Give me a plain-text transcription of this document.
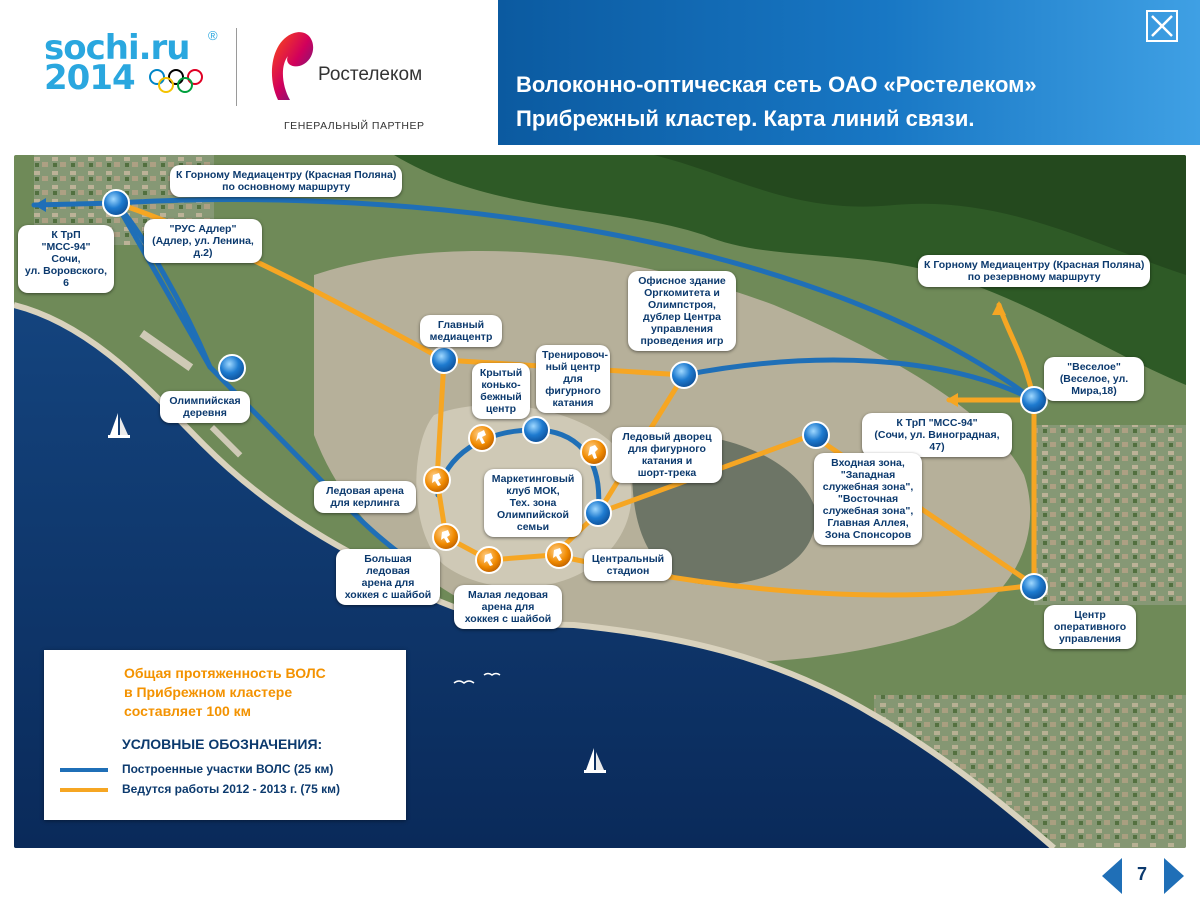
sochi.ru
2014
®
Ростелеком
ГЕНЕРАЛЬНЫЙ ПАРТНЕР
Волоконно-оптическая сеть ОАО «Ростелеком»
Прибрежный кластер. Карта линий связи.
К Горному Медиацентру (Красная Поляна)
по основному маршруту
К ТрП
"МСС-94"
Сочи,
ул. Воровского, 6
"РУС Адлер"
(Адлер, ул. Ленина,
д.2)
К Горному Медиацентру (Красная Поляна)
по резервному маршруту
Главный
медиацентр
Офисное здание
Оргкомитета и
Олимпстроя,
дублер Центра
управления
проведения игр
"Веселое"
(Веселое, ул.
Мира,18)
Олимпийская
деревня
Крытый
конько-
бежный
центр
Тренировоч-
ный центр
для
фигурного
катания
Ледовый дворец
для фигурного
катания и
шорт-трека
К ТрП "МСС-94"
(Сочи, ул. Виноградная,
47)
Входная зона,
"Западная
служебная зона",
"Восточная
служебная зона",
Главная Аллея,
Зона Спонсоров
Ледовая арена
для керлинга
Маркетинговый
клуб МОК,
Тех. зона
Олимпийской
семьи
Большая ледовая
арена для
хоккея с шайбой
Центральный
стадион
Малая ледовая
арена для
хоккея с шайбой	Центр
оперативного
управления
Общая протяженность ВОЛС
в Прибрежном кластере
составляет 100 км
УСЛОВНЫЕ ОБОЗНАЧЕНИЯ:
Построенные участки ВОЛС (25 км)
Ведутся работы 2012 - 2013 г. (75 км)
7
